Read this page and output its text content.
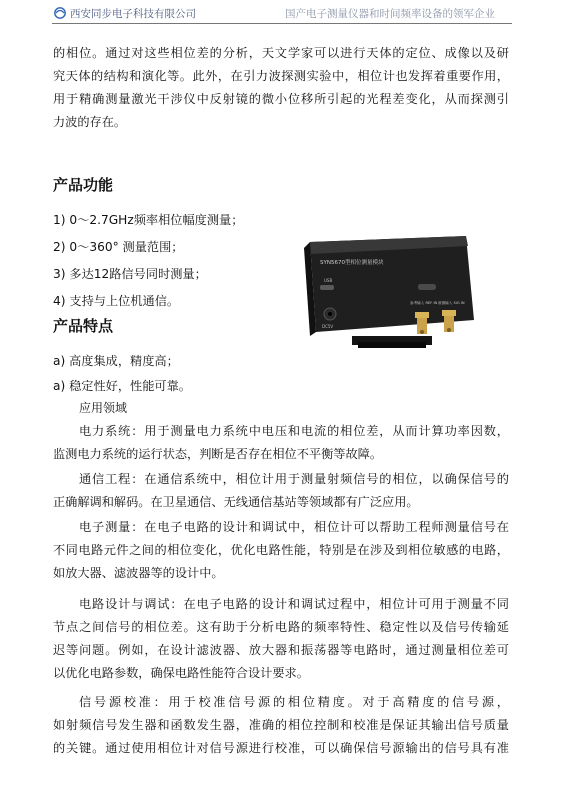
西安同步电子科技有限公司	国产电子测量仪器和时间频率设备的领军企业
的相位。通过对这些相位差的分析，天文学家可以进行天体的定位、成像以及研
究天体的结构和演化等。此外，在引力波探测实验中，相位计也发挥着重要作用，
用于精确测量激光干涉仪中反射镜的微小位移所引起的光程差变化，从而探测引
力波的存在。
产品功能
1) 0～2.7GHz频率相位幅度测量；
2) 0～360° 测量范围；
3) 多达12路信号同时测量；
4) 支持与上位机通信。
SYN5670型相位测量模块
USB
DC5V
参考输入 REF IN 被测输入 SIG IN
产品特点
a) 高度集成，精度高；
a) 稳定性好，性能可靠。
应用领域
电力系统：用于测量电力系统中电压和电流的相位差，从而计算功率因数，
监测电力系统的运行状态，判断是否存在相位不平衡等故障。
通信工程：在通信系统中，相位计用于测量射频信号的相位，以确保信号的
正确解调和解码。在卫星通信、无线通信基站等领域都有广泛应用。
电子测量：在电子电路的设计和调试中，相位计可以帮助工程师测量信号在
不同电路元件之间的相位变化，优化电路性能，特别是在涉及到相位敏感的电路，
如放大器、滤波器等的设计中。
电路设计与调试：在电子电路的设计和调试过程中，相位计可用于测量不同
节点之间信号的相位差。这有助于分析电路的频率特性、稳定性以及信号传输延
迟等问题。例如，在设计滤波器、放大器和振荡器等电路时，通过测量相位差可
以优化电路参数，确保电路性能符合设计要求。
信号源校准：用于校准信号源的相位精度。对于高精度的信号源，
如射频信号发生器和函数发生器，准确的相位控制和校准是保证其输出信号质量
的关键。通过使用相位计对信号源进行校准，可以确保信号源输出的信号具有准
